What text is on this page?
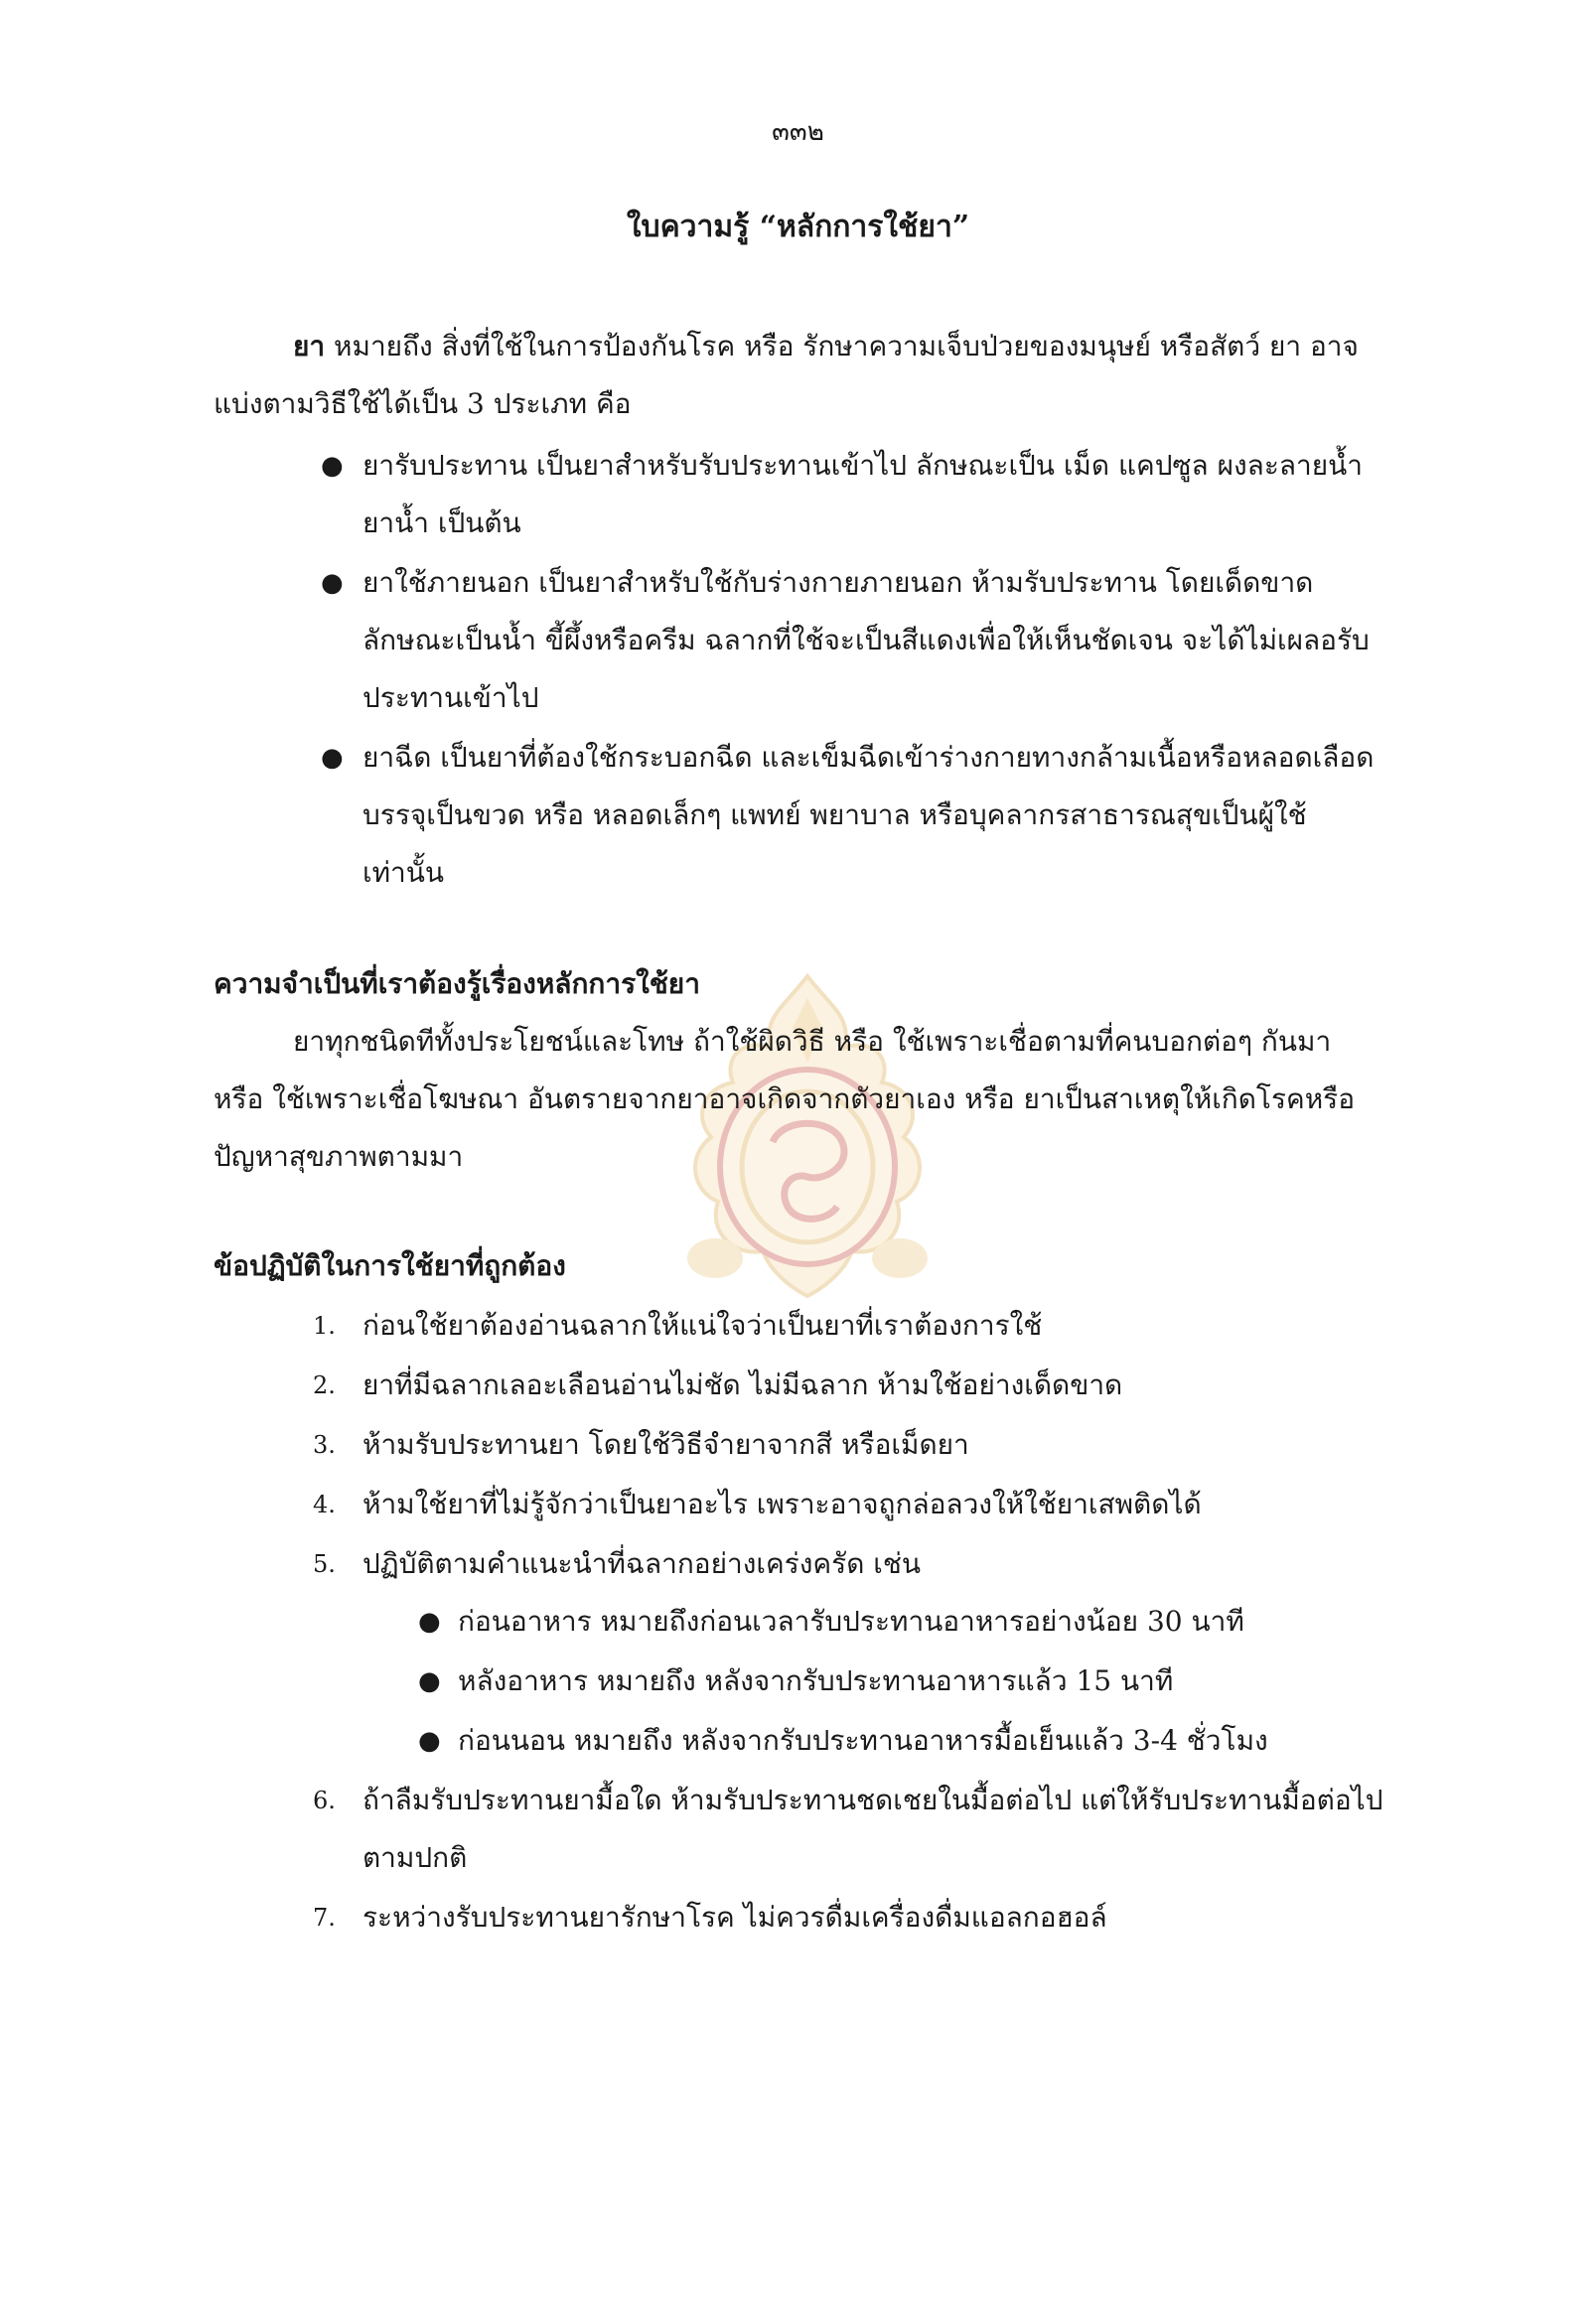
๓๓๒
ใบความรู้ “หลักการใช้ยา”

ยา หมายถึง สิ่งที่ใช้ในการป้องกันโรค หรือ รักษาความเจ็บป่วยของมนุษย์ หรือสัตว์ ยา อาจแบ่งตามวิธีใช้ได้เป็น 3 ประเภท คือ

● ยารับประทาน เป็นยาสำหรับรับประทานเข้าไป ลักษณะเป็น เม็ด แคปซูล ผงละลายน้ำ ยาน้ำ เป็นต้น
● ยาใช้ภายนอก เป็นยาสำหรับใช้กับร่างกายภายนอก ห้ามรับประทาน โดยเด็ดขาด ลักษณะเป็นน้ำ ขี้ผึ้งหรือครีม ฉลากที่ใช้จะเป็นสีแดงเพื่อให้เห็นชัดเจน จะได้ไม่เผลอรับประทานเข้าไป
● ยาฉีด เป็นยาที่ต้องใช้กระบอกฉีด และเข็มฉีดเข้าร่างกายทางกล้ามเนื้อหรือหลอดเลือด บรรจุเป็นขวด หรือ หลอดเล็กๆ แพทย์ พยาบาล หรือบุคลากรสาธารณสุขเป็นผู้ใช้เท่านั้น

ความจำเป็นที่เราต้องรู้เรื่องหลักการใช้ยา

ยาทุกชนิดทีทั้งประโยชน์และโทษ ถ้าใช้ผิดวิธี หรือ ใช้เพราะเชื่อตามที่คนบอกต่อๆ กันมา หรือ ใช้เพราะเชื่อโฆษณา อันตรายจากยาอาจเกิดจากตัวยาเอง หรือ ยาเป็นสาเหตุให้เกิดโรคหรือปัญหาสุขภาพตามมา

ข้อปฏิบัติในการใช้ยาที่ถูกต้อง

1. ก่อนใช้ยาต้องอ่านฉลากให้แน่ใจว่าเป็นยาที่เราต้องการใช้
2. ยาที่มีฉลากเลอะเลือนอ่านไม่ชัด ไม่มีฉลาก ห้ามใช้อย่างเด็ดขาด
3. ห้ามรับประทานยา โดยใช้วิธีจำยาจากสี หรือเม็ดยา
4. ห้ามใช้ยาที่ไม่รู้จักว่าเป็นยาอะไร เพราะอาจถูกล่อลวงให้ใช้ยาเสพติดได้
5. ปฏิบัติตามคำแนะนำที่ฉลากอย่างเคร่งครัด เช่น
● ก่อนอาหาร หมายถึงก่อนเวลารับประทานอาหารอย่างน้อย 30 นาที
● หลังอาหาร หมายถึง หลังจากรับประทานอาหารแล้ว 15 นาที
● ก่อนนอน หมายถึง หลังจากรับประทานอาหารมื้อเย็นแล้ว 3-4 ชั่วโมง
6. ถ้าลืมรับประทานยามื้อใด ห้ามรับประทานชดเชยในมื้อต่อไป แต่ให้รับประทานมื้อต่อไปตามปกติ
7. ระหว่างรับประทานยารักษาโรค ไม่ควรดื่มเครื่องดื่มแอลกอฮอล์
